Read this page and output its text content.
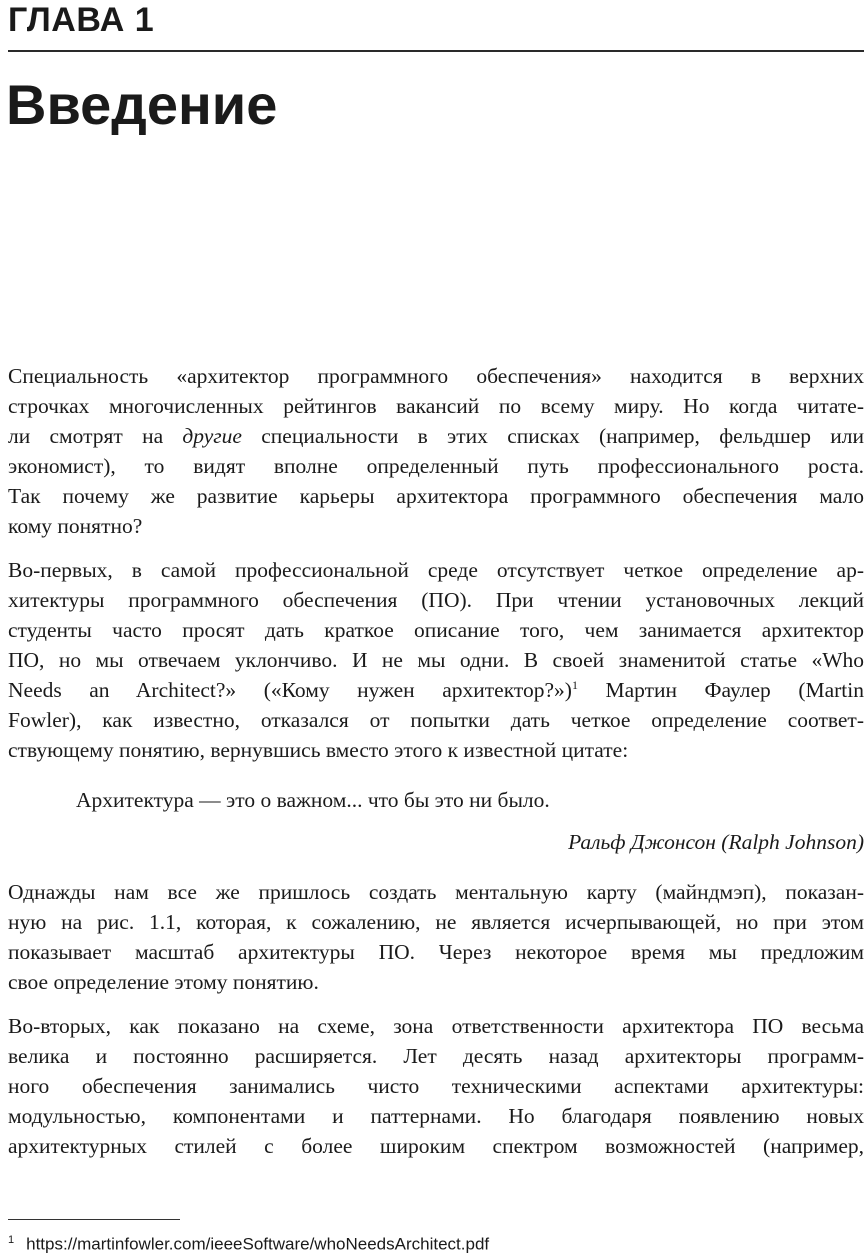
ГЛАВА 1
Введение
Специальность «архитектор программного обеспечения» находится в верхних
строчках многочисленных рейтингов вакансий по всему миру. Но когда читате-
ли смотрят на другие специальности в этих списках (например, фельдшер или
экономист), то видят вполне определенный путь профессионального роста.
Так почему же развитие карьеры архитектора программного обеспечения мало
кому понятно?
Во-первых, в самой профессиональной среде отсутствует четкое определение ар-
хитектуры программного обеспечения (ПО). При чтении установочных лекций
студенты часто просят дать краткое описание того, чем занимается архитектор
ПО, но мы отвечаем уклончиво. И не мы одни. В своей знаменитой статье «Who
Needs an Architect?» («Кому нужен архитектор?»)$^1$ Мартин Фаулер (Martin
Fowler), как известно, отказался от попытки дать четкое определение соответ-
ствующему понятию, вернувшись вместо этого к известной цитате:
Архитектура — это о важном... что бы это ни было.
Ральф Джонсон (Ralph Johnson)
Однажды нам все же пришлось создать ментальную карту (майндмэп), показан-
ную на рис. 1.1, которая, к сожалению, не является исчерпывающей, но при этом
показывает масштаб архитектуры ПО. Через некоторое время мы предложим
свое определение этому понятию.
Во-вторых, как показано на схеме, зона ответственности архитектора ПО весьма
велика и постоянно расширяется. Лет десять назад архитекторы программ-
ного обеспечения занимались чисто техническими аспектами архитектуры:
модульностью, компонентами и паттернами. Но благодаря появлению новых
архитектурных стилей с более широким спектром возможностей (например,
$^1$ https://martinfowler.com/ieeeSoftware/whoNeedsArchitect.pdf
